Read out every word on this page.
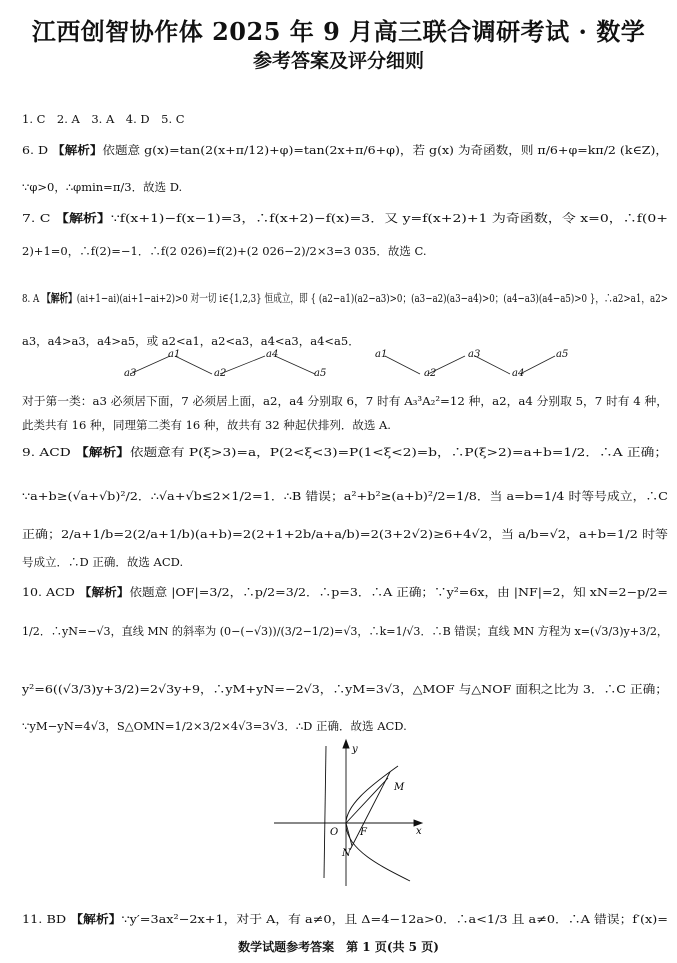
江西创智协作体 2025 年 9 月高三联合调研考试 · 数学
参考答案及评分细则
1. C　2. A　3. A　4. D　5. C
6. D 【解析】依题意 g(x)=tan(2(x+π/12)+φ)=tan(2x+π/6+φ)，若 g(x) 为奇函数，则 π/6+φ=kπ/2 (k∈Z)，
∵φ>0，∴φmin=π/3．故选 D.
7. C 【解析】∵f(x+1)−f(x−1)=3，∴f(x+2)−f(x)=3．又 y=f(x+2)+1 为奇函数，令 x=0，∴f(0+
2)+1=0，∴f(2)=−1．∴f(2 026)=f(2)+(2 026−2)/2×3=3 035．故选 C.
8. A 【解析】(ai+1−ai)(ai+1−ai+2)>0 对一切 i∈{1,2,3} 恒成立，即 { (a2−a1)(a2−a3)>0；(a3−a2)(a3−a4)>0；(a4−a3)(a4−a5)>0 }，∴a2>a1，a2>
a3，a4>a3，a4>a5，或 a2<a1，a2<a3，a4<a3，a4<a5．
对于第一类：a3 必须居下面，7 必须居上面，a2，a4 分别取 6，7 时有 A₃³A₂²=12 种，a2，a4 分别取 5，7 时有 4 种，
此类共有 16 种，同理第二类有 16 种，故共有 32 种起伏排列．故选 A.
9. ACD 【解析】依题意有 P(ξ>3)=a，P(2<ξ<3)=P(1<ξ<2)=b，∴P(ξ>2)=a+b=1/2．∴A 正确；
∵a+b≥(√a+√b)²/2．∴√a+√b≤2×1/2=1．∴B 错误；a²+b²≥(a+b)²/2=1/8．当 a=b=1/4 时等号成立，∴C
正确；2/a+1/b=2(2/a+1/b)(a+b)=2(2+1+2b/a+a/b)=2(3+2√2)≥6+4√2，当 a/b=√2，a+b=1/2 时等
号成立．∴D 正确．故选 ACD.
10. ACD 【解析】依题意 |OF|=3/2，∴p/2=3/2．∴p=3．∴A 正确；∵y²=6x，由 |NF|=2，知 xN=2−p/2=
1/2．∴yN=−√3，直线 MN 的斜率为 (0−(−√3))/(3/2−1/2)=√3，∴k=1/√3．∴B 错误；直线 MN 方程为 x=(√3/3)y+3/2，
y²=6((√3/3)y+3/2)=2√3y+9，∴yM+yN=−2√3，∴yM=3√3，△MOF 与△NOF 面积之比为 3．∴C 正确；
∵yM−yN=4√3，S△OMN=1/2×3/2×4√3=3√3．∴D 正确．故选 ACD.
11. BD 【解析】∵y′=3ax²−2x+1，对于 A，有 a≠0，且 Δ=4−12a>0．∴a<1/3 且 a≠0．∴A 错误；f′(x)=
a1	a4
a3	a2	a5
a1	a3	a5
a2	a4
y
x
O
M
F
N
数学试题参考答案　第 1 页(共 5 页)
